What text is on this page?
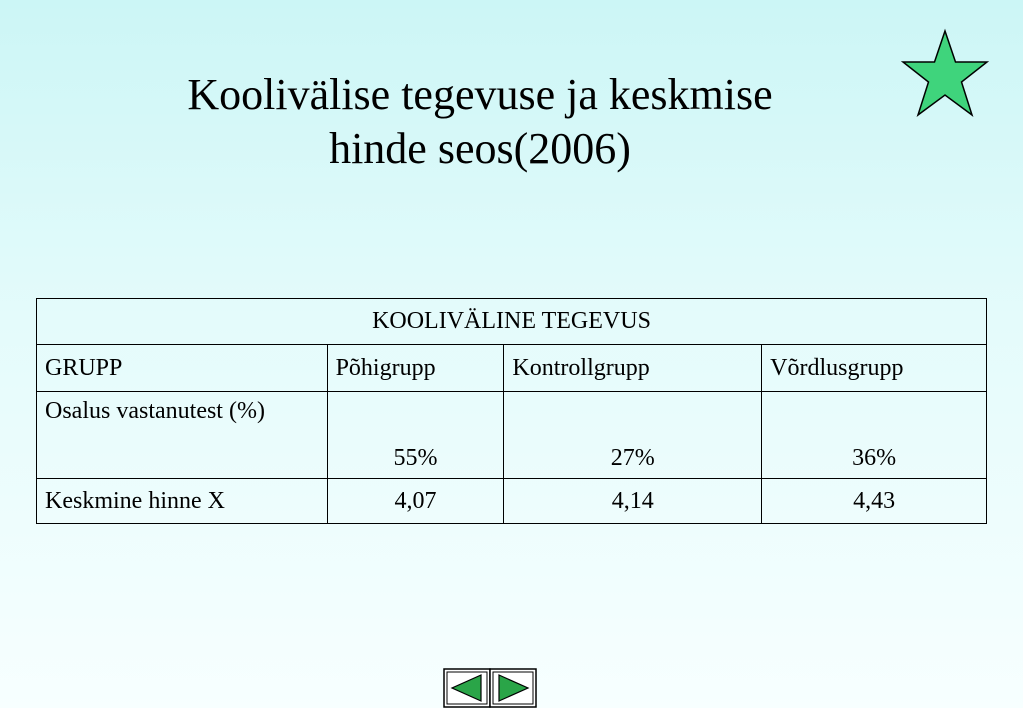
Koolivälise tegevuse ja keskmise
hinde seos(2006)
KOOLIVÄLINE TEGEVUS			
GRUPP	Põhigrupp	Kontrollgrupp	Võrdlusgrupp
Osalus vastanutest (%)	55%	27%	36%
Keskmine hinne X	4,07	4,14	4,43
